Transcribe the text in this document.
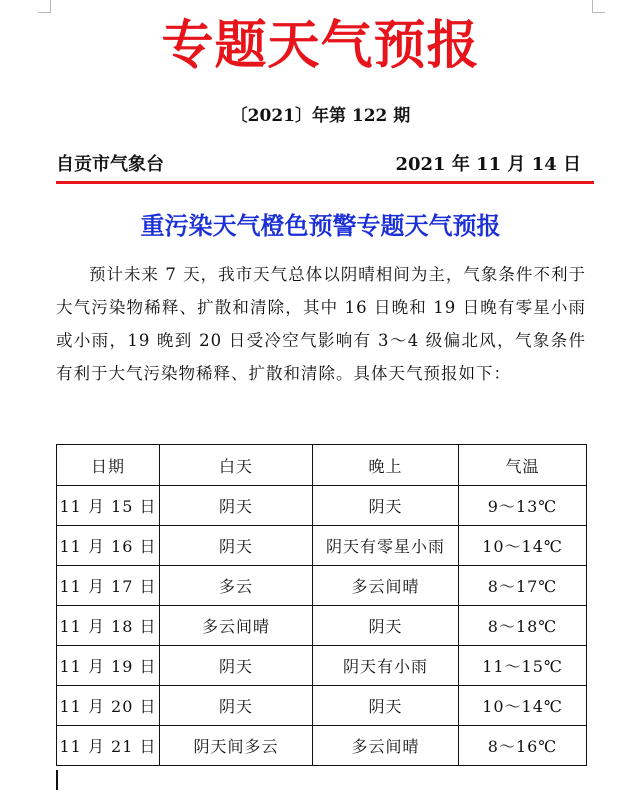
专题天气预报
〔2021〕年第 122 期
自贡市气象台	2021 年 11 月 14 日
重污染天气橙色预警专题天气预报

预计未来 7 天，我市天气总体以阴晴相间为主，气象条件不利于大气污染物稀释、扩散和清除，其中 16 日晚和 19 日晚有零星小雨或小雨，19 晚到 20 日受冷空气影响有 3～4 级偏北风，气象条件有利于大气污染物稀释、扩散和清除。具体天气预报如下：

日期	白天	晚上	气温
11 月 15 日	阴天	阴天	9～13℃
11 月 16 日	阴天	阴天有零星小雨	10～14℃
11 月 17 日	多云	多云间晴	8～17℃
11 月 18 日	多云间晴	阴天	8～18℃
11 月 19 日	阴天	阴天有小雨	11～15℃
11 月 20 日	阴天	阴天	10～14℃
11 月 21 日	阴天间多云	多云间晴	8～16℃
